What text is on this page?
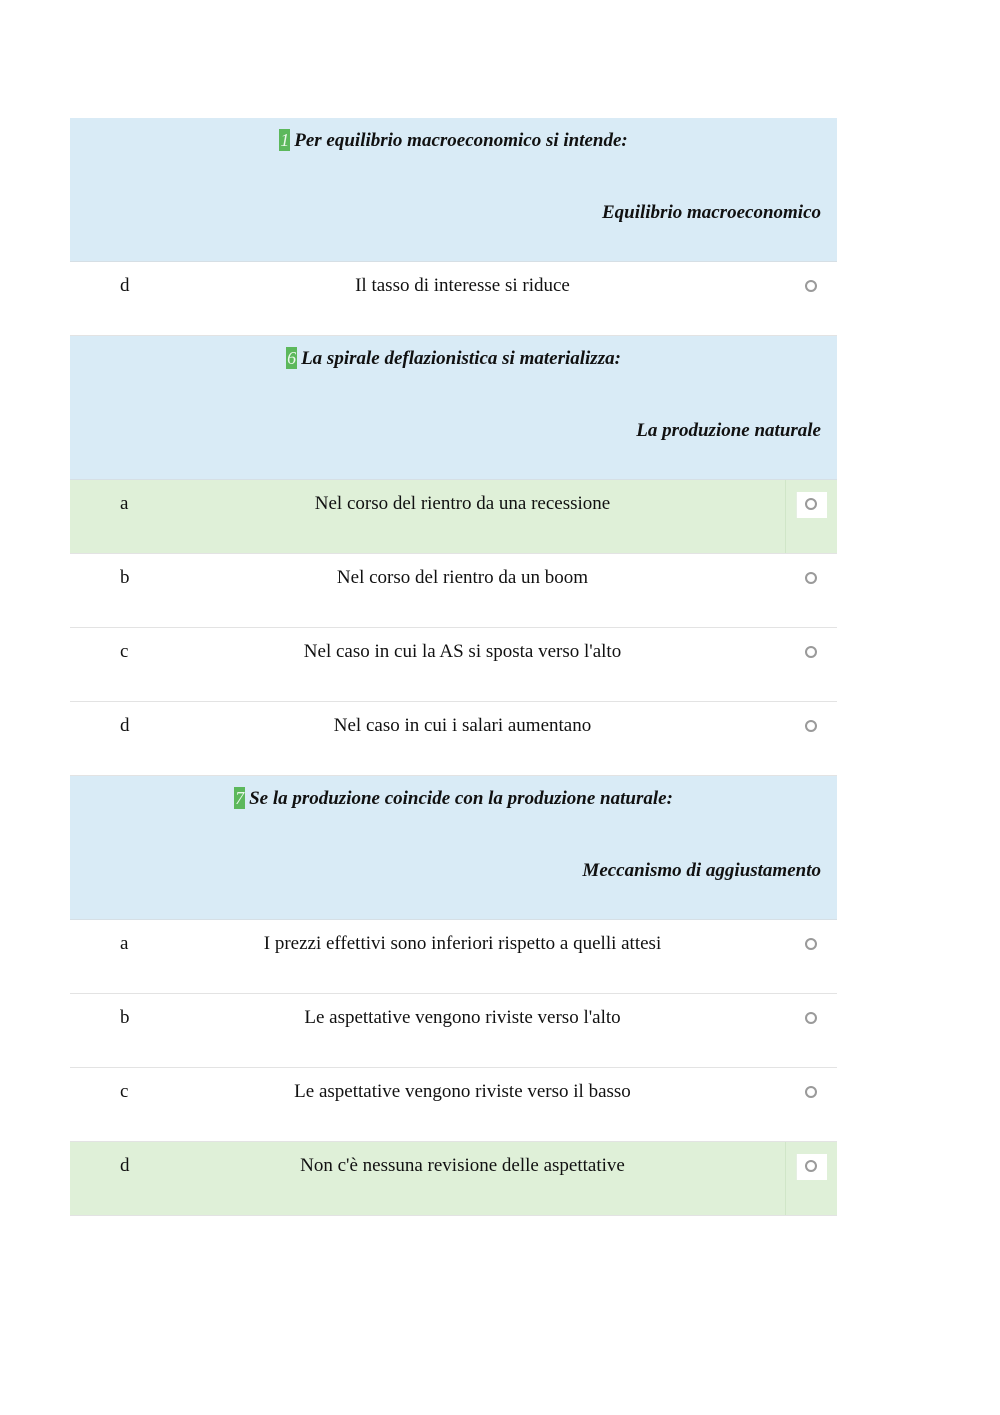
1 Per equilibrio macroeconomico si intende:
Equilibrio macroeconomico
d	Il tasso di interesse si riduce
6 La spirale deflazionistica si materializza:
La produzione naturale
a	Nel corso del rientro da una recessione
b	Nel corso del rientro da un boom
c	Nel caso in cui la AS si sposta verso l'alto
d	Nel caso in cui i salari aumentano
7 Se la produzione coincide con la produzione naturale:
Meccanismo di aggiustamento
a	I prezzi effettivi sono inferiori rispetto a quelli attesi
b	Le aspettative vengono riviste verso l'alto
c	Le aspettative vengono riviste verso il basso
d	Non c'è nessuna revisione delle aspettative
